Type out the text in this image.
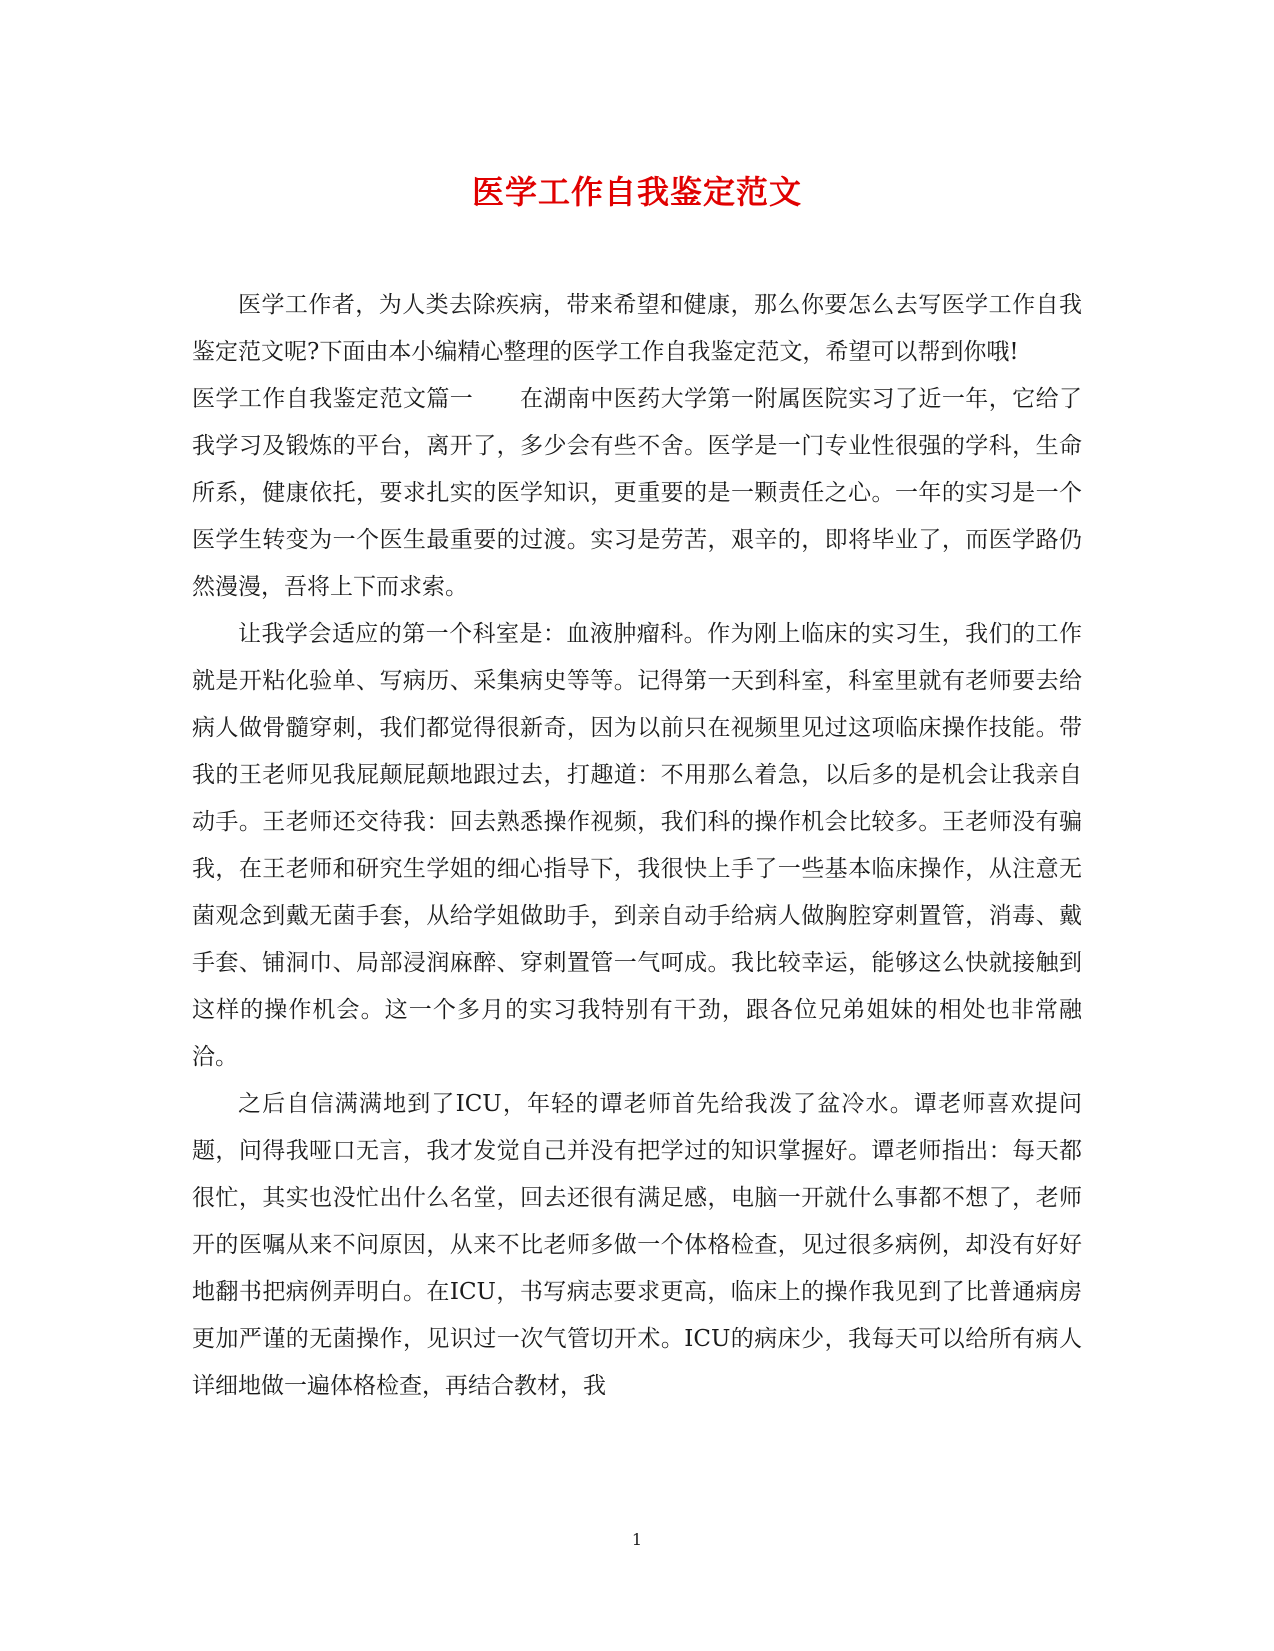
医学工作自我鉴定范文

医学工作者，为人类去除疾病，带来希望和健康，那么你要怎么去写医学工作自我鉴定范文呢?下面由本小编精心整理的医学工作自我鉴定范文，希望可以帮到你哦!

医学工作自我鉴定范文篇一　　在湖南中医药大学第一附属医院实习了近一年，它给了我学习及锻炼的平台，离开了，多少会有些不舍。医学是一门专业性很强的学科，生命所系，健康依托，要求扎实的医学知识，更重要的是一颗责任之心。一年的实习是一个医学生转变为一个医生最重要的过渡。实习是劳苦，艰辛的，即将毕业了，而医学路仍然漫漫，吾将上下而求索。

让我学会适应的第一个科室是：血液肿瘤科。作为刚上临床的实习生，我们的工作就是开粘化验单、写病历、采集病史等等。记得第一天到科室，科室里就有老师要去给病人做骨髓穿刺，我们都觉得很新奇，因为以前只在视频里见过这项临床操作技能。带我的王老师见我屁颠屁颠地跟过去，打趣道：不用那么着急，以后多的是机会让我亲自动手。王老师还交待我：回去熟悉操作视频，我们科的操作机会比较多。王老师没有骗我，在王老师和研究生学姐的细心指导下，我很快上手了一些基本临床操作，从注意无菌观念到戴无菌手套，从给学姐做助手，到亲自动手给病人做胸腔穿刺置管，消毒、戴手套、铺洞巾、局部浸润麻醉、穿刺置管一气呵成。我比较幸运，能够这么快就接触到这样的操作机会。这一个多月的实习我特别有干劲，跟各位兄弟姐妹的相处也非常融洽。

之后自信满满地到了ICU，年轻的谭老师首先给我泼了盆冷水。谭老师喜欢提问题，问得我哑口无言，我才发觉自己并没有把学过的知识掌握好。谭老师指出：每天都很忙，其实也没忙出什么名堂，回去还很有满足感，电脑一开就什么事都不想了，老师开的医嘱从来不问原因，从来不比老师多做一个体格检查，见过很多病例，却没有好好地翻书把病例弄明白。在ICU，书写病志要求更高，临床上的操作我见到了比普通病房更加严谨的无菌操作，见识过一次气管切开术。ICU的病床少，我每天可以给所有病人详细地做一遍体格检查，再结合教材，我

1
